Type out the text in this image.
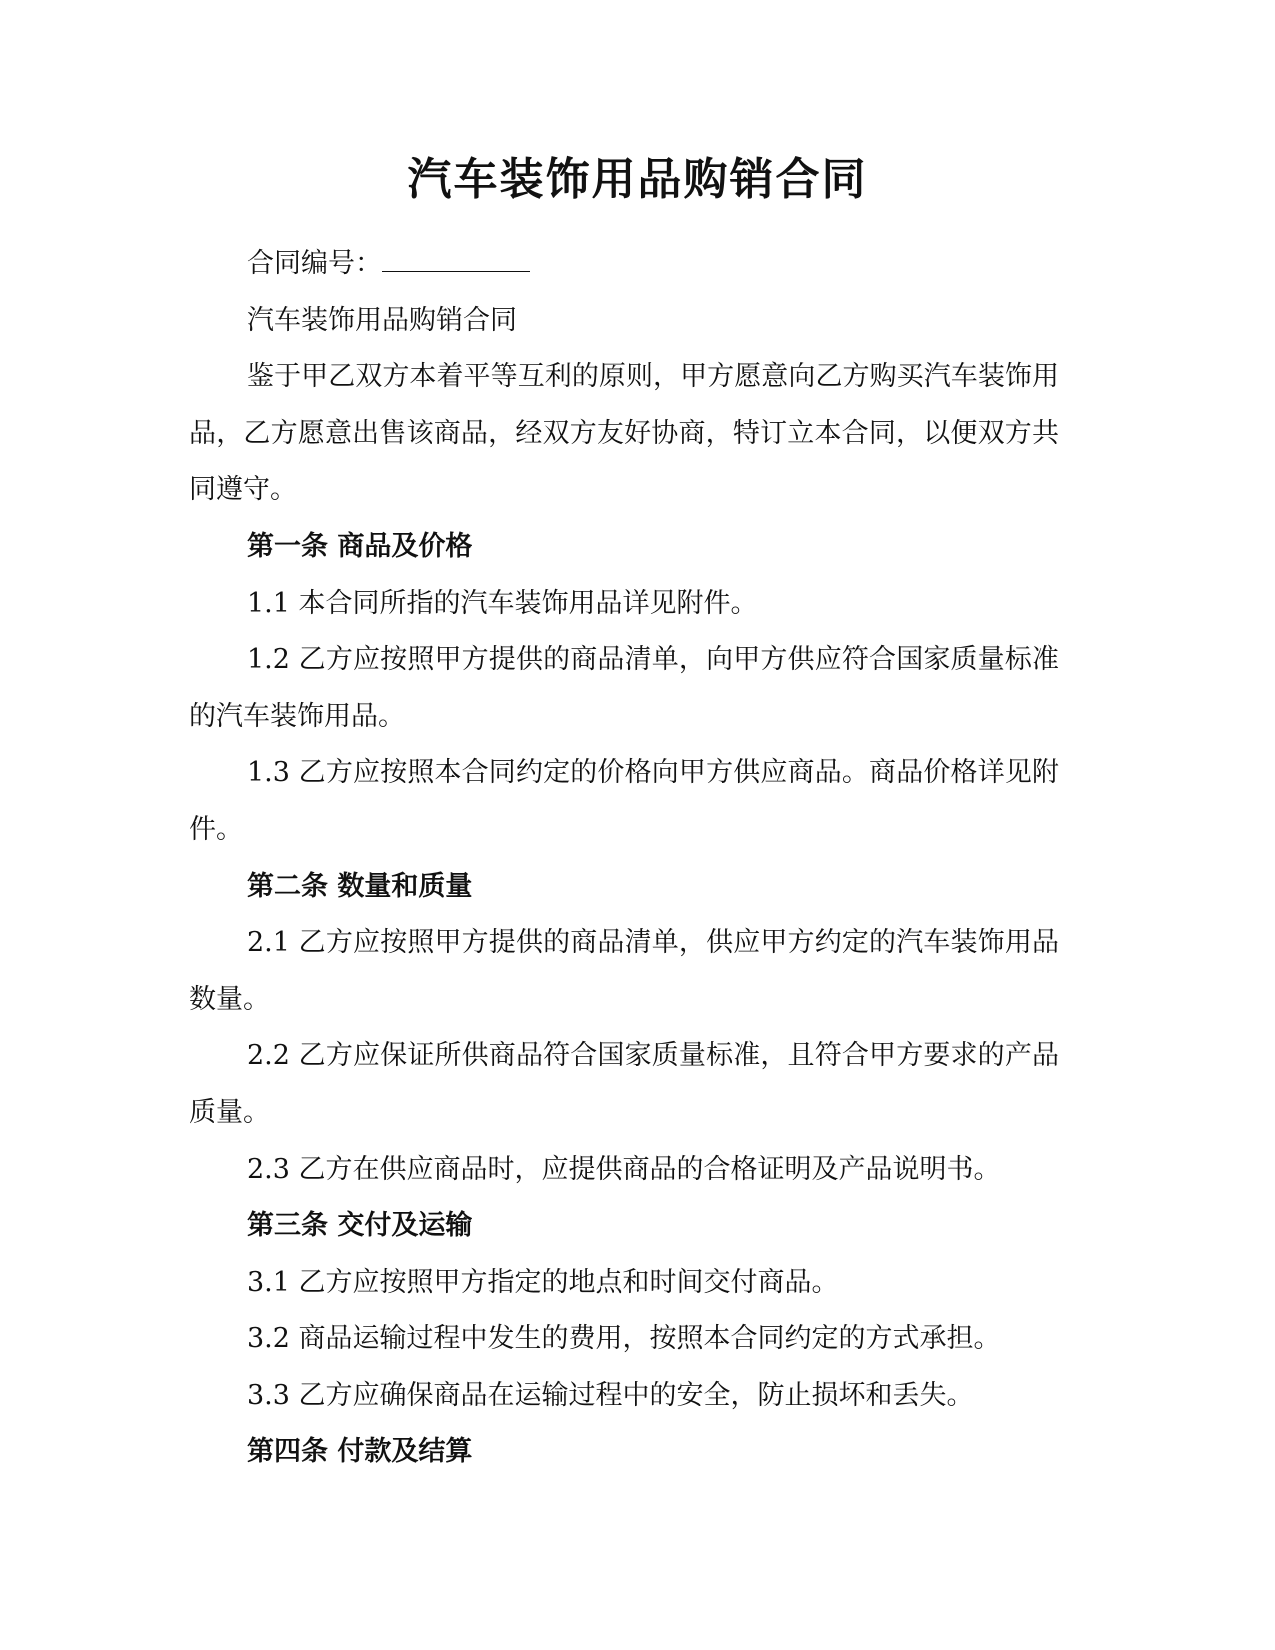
汽车装饰用品购销合同

合同编号：

汽车装饰用品购销合同

鉴于甲乙双方本着平等互利的原则，甲方愿意向乙方购买汽车装饰用品，乙方愿意出售该商品，经双方友好协商，特订立本合同，以便双方共同遵守。

第一条 商品及价格

1.1 本合同所指的汽车装饰用品详见附件。

1.2 乙方应按照甲方提供的商品清单，向甲方供应符合国家质量标准的汽车装饰用品。

1.3 乙方应按照本合同约定的价格向甲方供应商品。商品价格详见附件。

第二条 数量和质量

2.1 乙方应按照甲方提供的商品清单，供应甲方约定的汽车装饰用品数量。

2.2 乙方应保证所供商品符合国家质量标准，且符合甲方要求的产品质量。

2.3 乙方在供应商品时，应提供商品的合格证明及产品说明书。

第三条 交付及运输

3.1 乙方应按照甲方指定的地点和时间交付商品。

3.2 商品运输过程中发生的费用，按照本合同约定的方式承担。

3.3 乙方应确保商品在运输过程中的安全，防止损坏和丢失。

第四条 付款及结算
